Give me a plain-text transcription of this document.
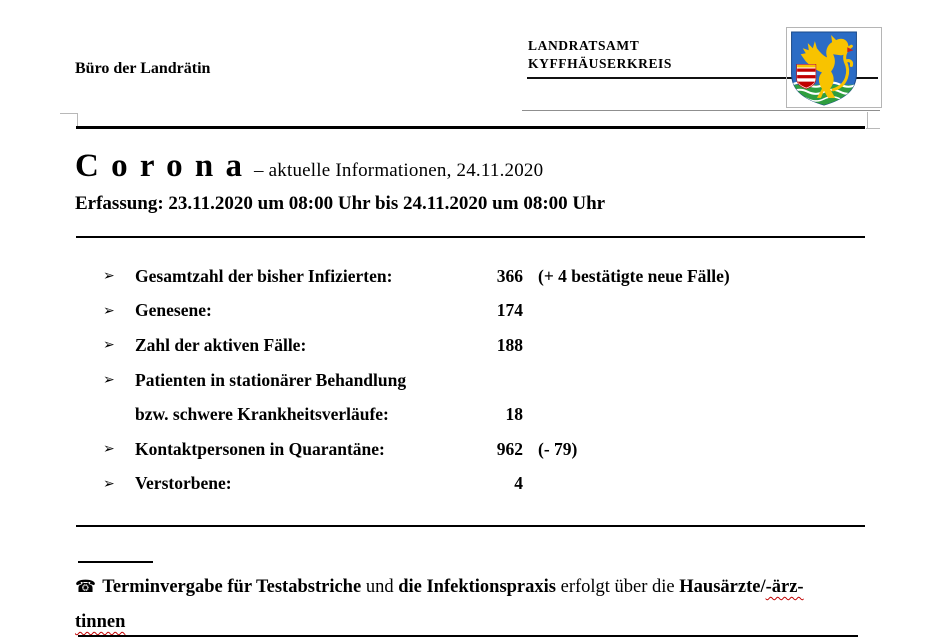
Büro der Landrätin
LANDRATSAMT
KYFFHÄUSERKREIS
C o r o n a – aktuelle Informationen, 24.11.2020
Erfassung: 23.11.2020 um 08:00 Uhr bis 24.11.2020 um 08:00 Uhr
➢	Gesamtzahl der bisher Infizierten:	366 (+ 4 bestätigte neue Fälle)
➢	Genesene:	174
➢	Zahl der aktiven Fälle:	188
➢	Patienten in stationärer Behandlung
bzw. schwere Krankheitsverläufe:	18
➢	Kontaktpersonen in Quarantäne:	962 (- 79)
➢	Verstorbene:	4
☎ Terminvergabe für Testabstriche und die Infektionspraxis erfolgt über die Hausärzte/-ärz-
tinnen
